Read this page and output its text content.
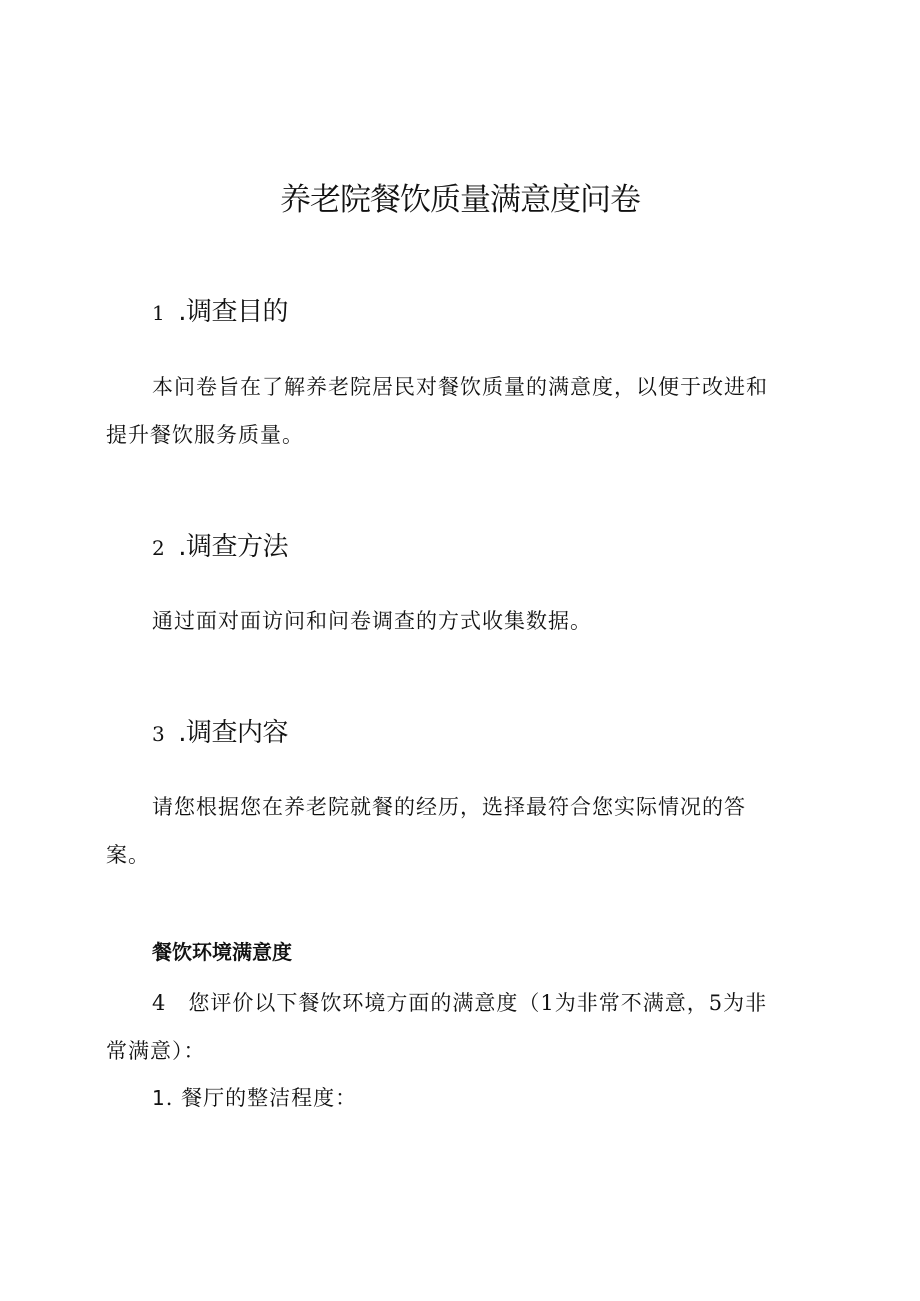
养老院餐饮质量满意度问卷
1 .调查目的
本问卷旨在了解养老院居民对餐饮质量的满意度，以便于改进和
提升餐饮服务质量。
2 .调查方法
通过面对面访问和问卷调查的方式收集数据。
3 .调查内容
请您根据您在养老院就餐的经历，选择最符合您实际情况的答
案。
餐饮环境满意度
4 您评价以下餐饮环境方面的满意度（1为非常不满意，5为非
常满意）：
1. 餐厅的整洁程度：
